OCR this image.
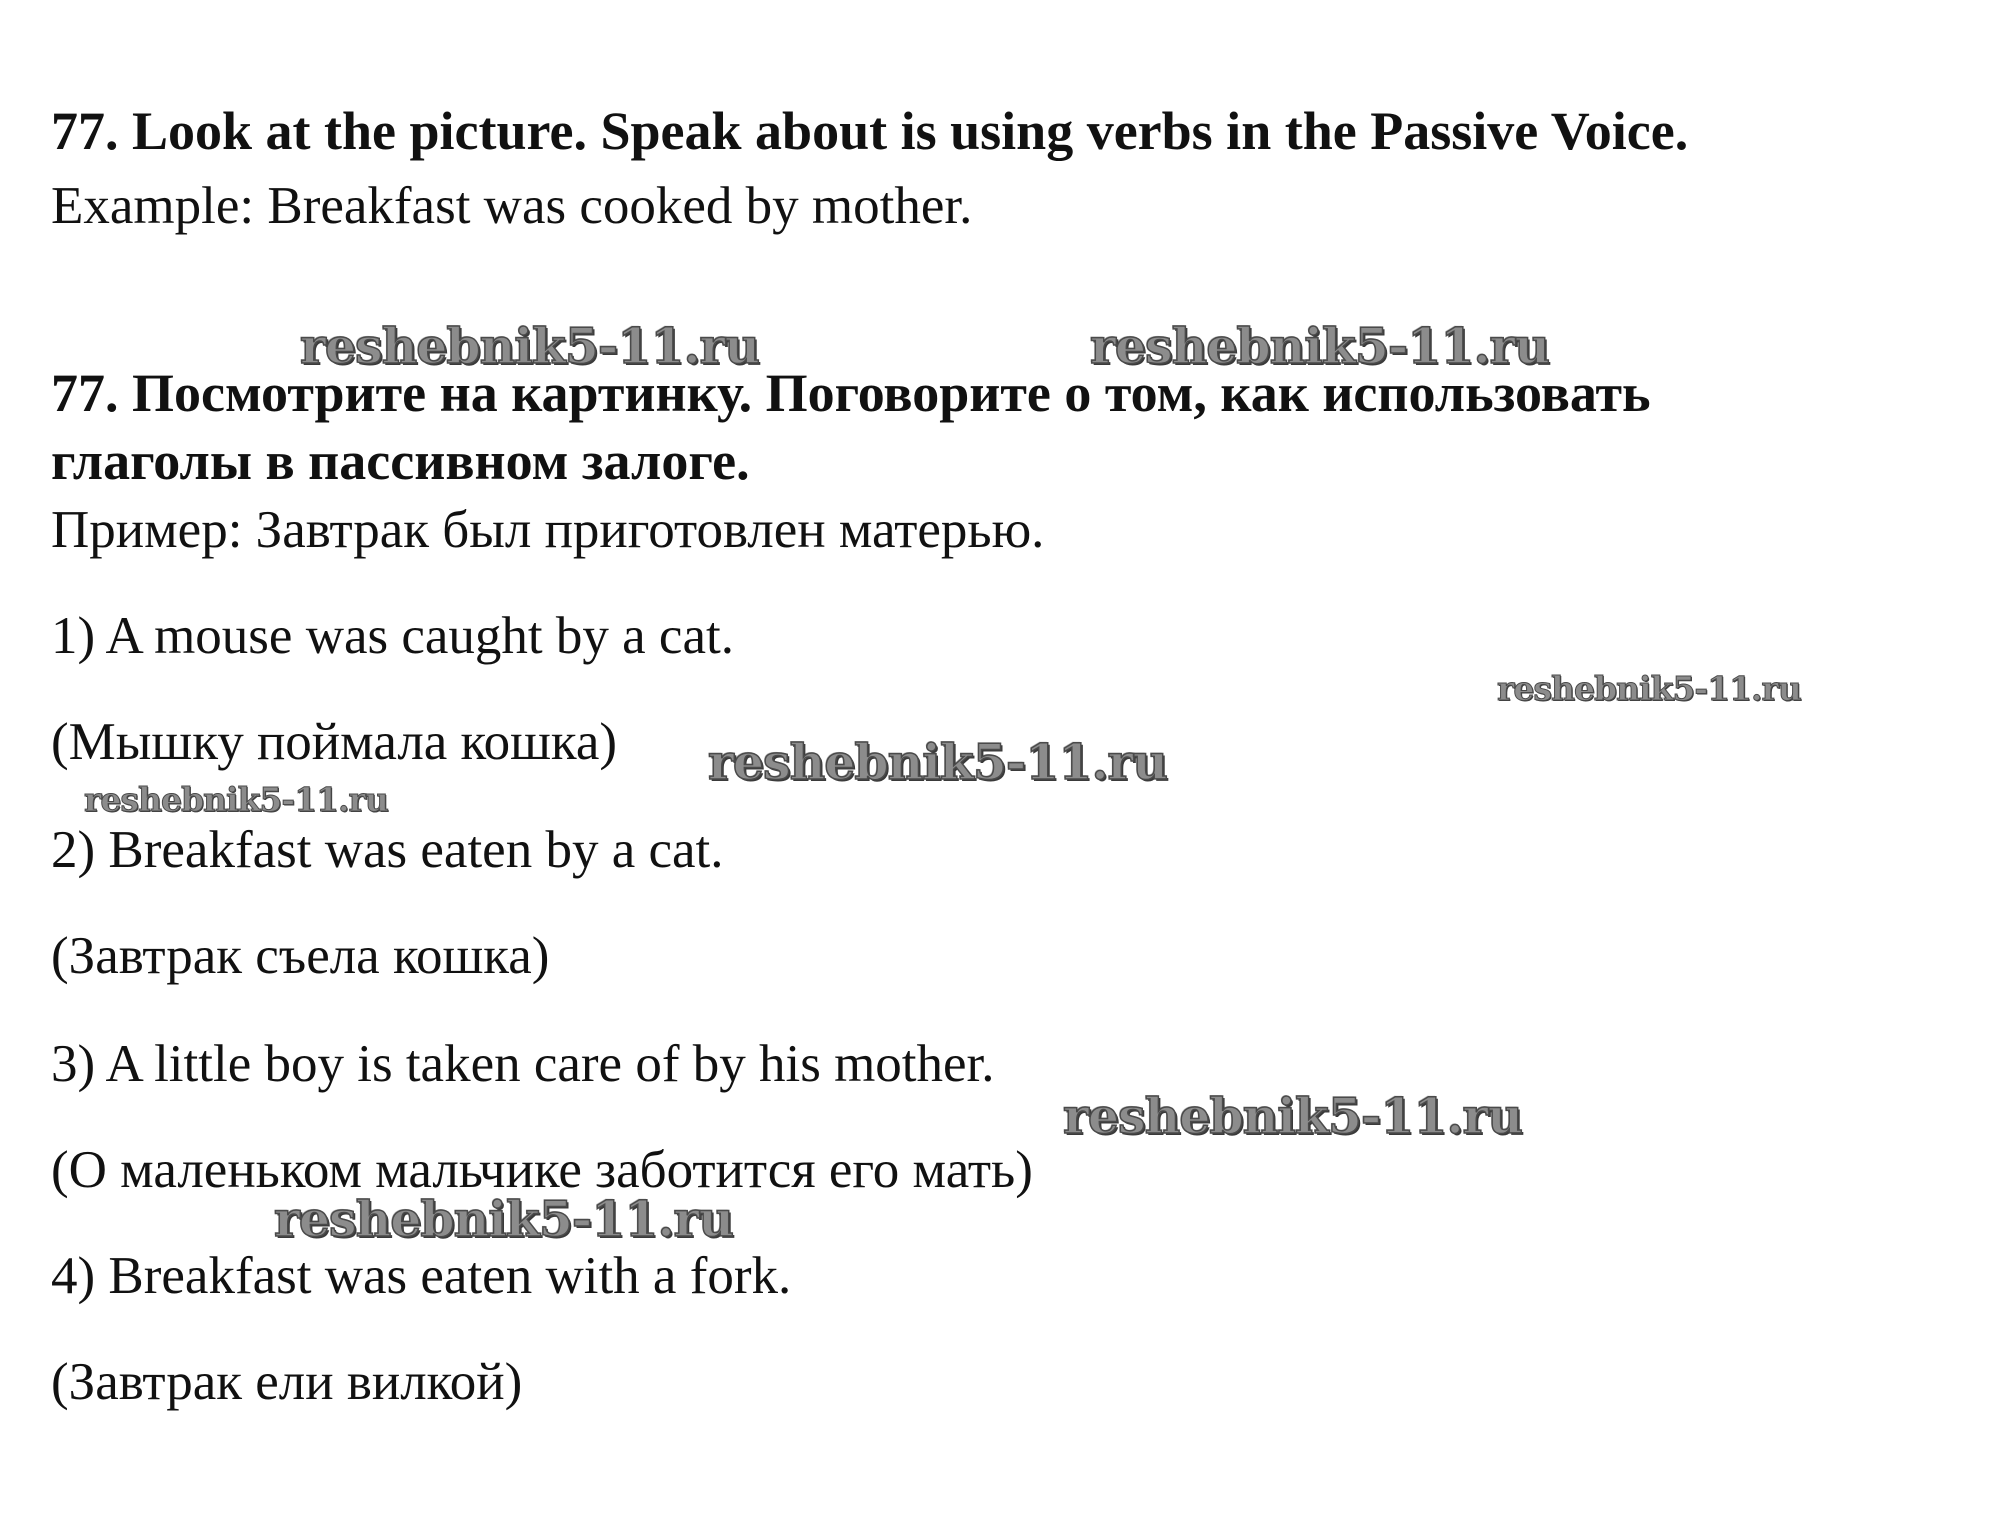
reshebnik5-11.ru	reshebnik5-11.ru
reshebnik5-11.ru
reshebnik5-11.ru
reshebnik5-11.ru
reshebnik5-11.ru
reshebnik5-11.ru
77. Look at the picture. Speak about is using verbs in the Passive Voice.
Example: Breakfast was cooked by mother.
77. Посмотрите на картинку. Поговорите о том, как использовать
глаголы в пассивном залоге.
Пример: Завтрак был приготовлен матерью.
1) A mouse was caught by a cat.
(Мышку поймала кошка)
2) Breakfast was eaten by a cat.
(Завтрак съела кошка)
3) A little boy is taken care of by his mother.
(О маленьком мальчике заботится его мать)
4) Breakfast was eaten with a fork.
(Завтрак ели вилкой)
